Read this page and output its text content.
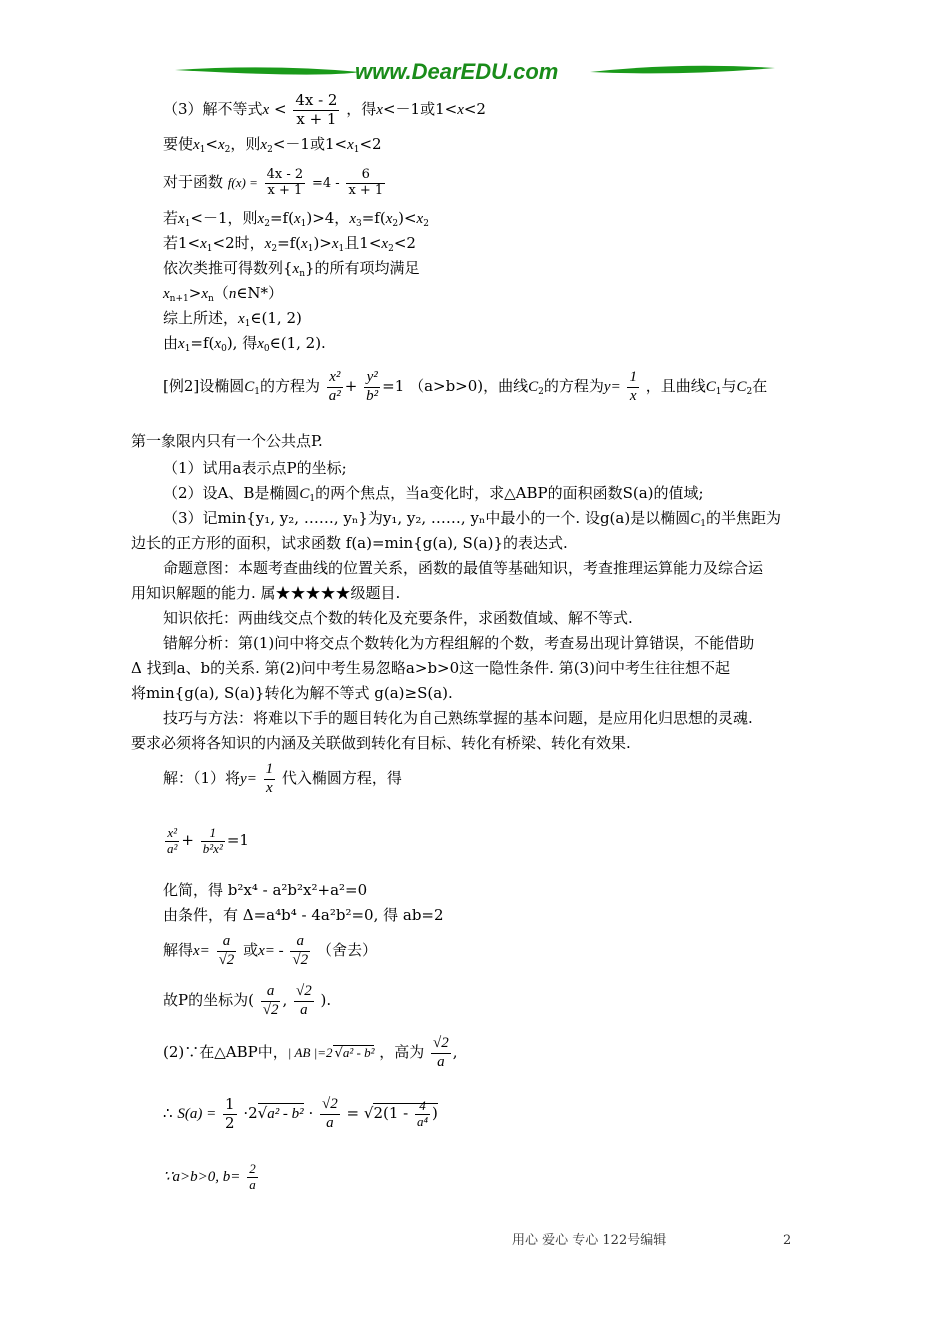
www.DearEDU.com
（3）解不等式$x < \frac{4x - 2}{x + 1}$ ，得x<－1或1<x<2
要使$x_1<x_2$，则$x_2<-1$或$1<x_1<2$
对于函数 $f(x) = \frac{4x - 2}{x + 1} =4 - \frac{6}{x + 1}$
若$x_1<-1$，则$x_2=f(x_1)>4$，$x_3=f(x_2)<x_2$
若$1<x_1<2$时，$x_2=f(x_1)>x_1$且$1<x_2<2$
依次类推可得数列$\{x_n\}$的所有项均满足
$x_{n+1}>x_n(n\in N*)$
综上所述，$x_1\in(1$, 2)
由$x_1=f(x_0)$, 得$x_0\in(1$, 2).
[例2]设椭圆$C_1$的方程为 $\frac{\text{x²}}{\text{a²}} + \frac{\text{y²}}{\text{b²}} =1$ （a>b>0)，曲线$C_2$的方程为$y= \frac{1}{x}$ ，且曲线$C_1$与$C_2$在
第一象限内只有一个公共点P.
（1）试用a表示点P的坐标;
（2）设A、B是椭圆$C_1$的两个焦点，当a变化时，求△ABP的面积函数S(a)的值域;
（3）记min{y₁, y₂, ……, yₙ}为y₁, y₂, ……, yₙ中最小的一个. 设g(a)是以椭圆$C_1$的半焦距为
边长的正方形的面积，试求函数 f(a)=min{g(a), S(a)}的表达式.
命题意图：本题考查曲线的位置关系，函数的最值等基础知识，考查推理运算能力及综合运
用知识解题的能力. 属★★★★★级题目.
知识依托：两曲线交点个数的转化及充要条件，求函数值域、解不等式.
错解分析：第(1)问中将交点个数转化为方程组解的个数，考查易出现计算错误，不能借助
Δ 找到a、b的关系. 第(2)问中考生易忽略a>b>0这一隐性条件. 第(3)问中考生往往想不起
将min{g(a), S(a)}转化为解不等式 g(a)≥S(a).
技巧与方法：将难以下手的题目转化为自己熟练掌握的基本问题，是应用化归思想的灵魂.
要求必须将各知识的内涵及关联做到转化有目标、转化有桥梁、转化有效果.
解：（1）将$y= \frac{1}{x}$ 代入椭圆方程，得
$\frac{\text{x²}}{\text{a²}} + \frac{1}{\text{b²x²}} =1$
化简，得 b²x⁴ - a²b²x²+a²=0
由条件，有 Δ=a⁴b⁴ - 4a²b²=0, 得 ab=2
解得$x= \frac{a}{√2}$ 或$x= - \frac{a}{√2}$ （舍去）
故P的坐标为( $\frac{a}{√2}$ , $\frac{√2}{a}$ ).
(2)∵在△ABP中，| AB |=2 √a² - b² ，高为 $\frac{√2}{a}$ ,
∴ $S(a) = \frac{1}{2} \cdot 2√a^2 - b^2 \cdot \frac{√2}{a} = √2(1 - \frac{4}{\text{a⁴}}$ )
∵a>b>0, $b= \frac{2}{a}$
用心 爱心 专心 122号编辑	2
